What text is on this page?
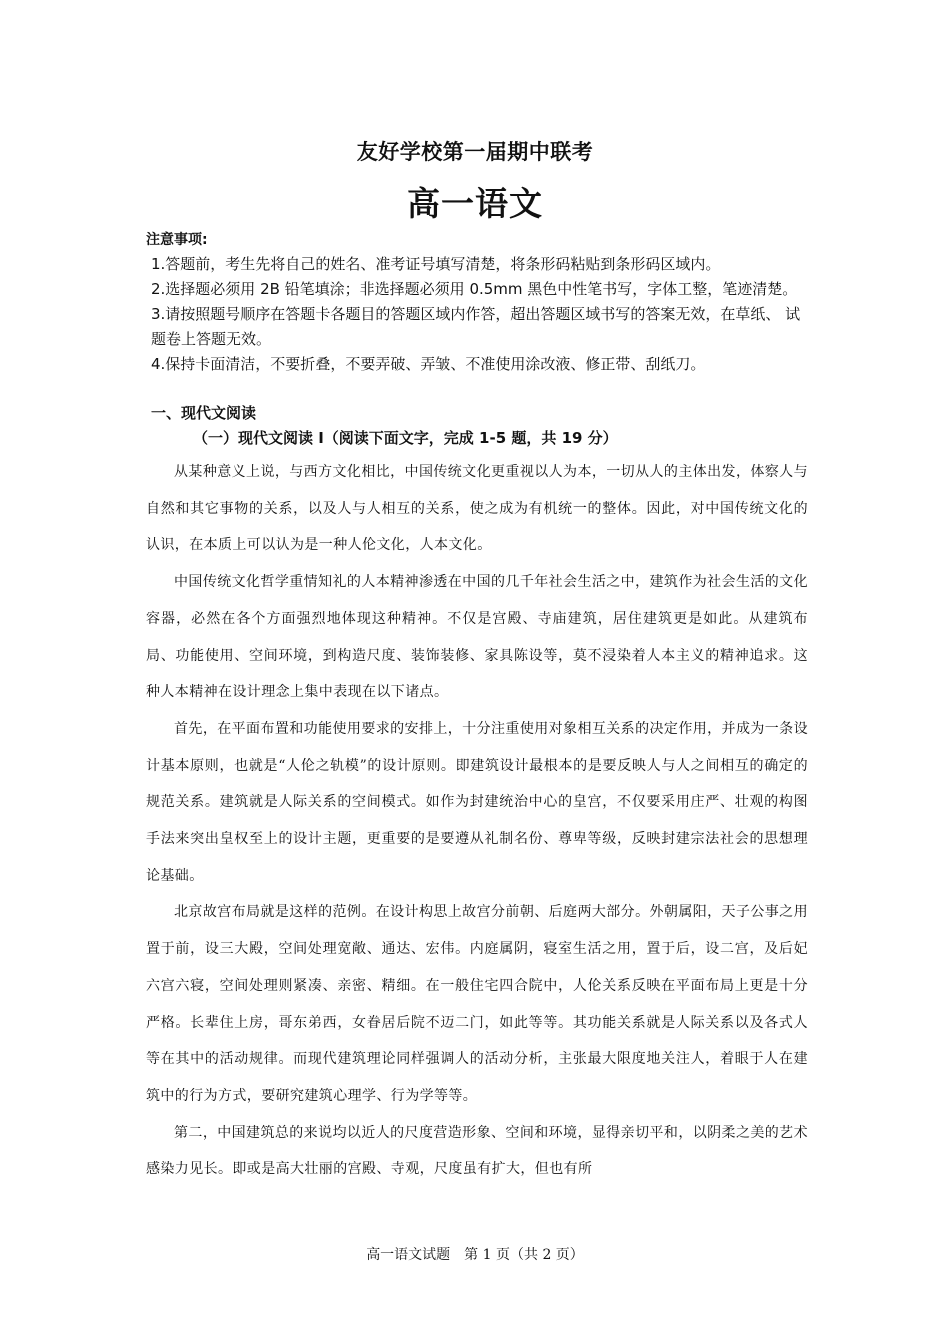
友好学校第一届期中联考
高一语文
注意事项:

1.答题前，考生先将自己的姓名、准考证号填写清楚，将条形码粘贴到条形码区域内。

2.选择题必须用 2B 铅笔填涂；非选择题必须用 0.5mm 黑色中性笔书写，字体工整，笔迹清楚。

3.请按照题号顺序在答题卡各题目的答题区域内作答，超出答题区域书写的答案无效，在草纸、 试题卷上答题无效。

4.保持卡面清洁，不要折叠，不要弄破、弄皱、不准使用涂改液、修正带、刮纸刀。

一、现代文阅读
（一）现代文阅读 I（阅读下面文字，完成 1-5 题，共 19 分）

从某种意义上说，与西方文化相比，中国传统文化更重视以人为本，一切从人的主体出发，体察人与自然和其它事物的关系，以及人与人相互的关系，使之成为有机统一的整体。因此，对中国传统文化的认识，在本质上可以认为是一种人伦文化，人本文化。

中国传统文化哲学重情知礼的人本精神渗透在中国的几千年社会生活之中，建筑作为社会生活的文化容器，必然在各个方面强烈地体现这种精神。不仅是宫殿、寺庙建筑，居住建筑更是如此。从建筑布局、功能使用、空间环境，到构造尺度、装饰装修、家具陈设等，莫不浸染着人本主义的精神追求。这种人本精神在设计理念上集中表现在以下诸点。

首先，在平面布置和功能使用要求的安排上，十分注重使用对象相互关系的决定作用，并成为一条设计基本原则，也就是“人伦之轨模”的设计原则。即建筑设计最根本的是要反映人与人之间相互的确定的规范关系。建筑就是人际关系的空间模式。如作为封建统治中心的皇宫，不仅要采用庄严、壮观的构图手法来突出皇权至上的设计主题，更重要的是要遵从礼制名份、尊卑等级，反映封建宗法社会的思想理论基础。

北京故宫布局就是这样的范例。在设计构思上故宫分前朝、后庭两大部分。外朝属阳，天子公事之用置于前，设三大殿，空间处理宽敞、通达、宏伟。内庭属阴，寝室生活之用，置于后，设二宫，及后妃六宫六寝，空间处理则紧凑、亲密、精细。在一般住宅四合院中，人伦关系反映在平面布局上更是十分严格。长辈住上房，哥东弟西，女眷居后院不迈二门，如此等等。其功能关系就是人际关系以及各式人等在其中的活动规律。而现代建筑理论同样强调人的活动分析，主张最大限度地关注人，着眼于人在建筑中的行为方式，要研究建筑心理学、行为学等等。

第二，中国建筑总的来说均以近人的尺度营造形象、空间和环境，显得亲切平和，以阴柔之美的艺术感染力见长。即或是高大壮丽的宫殿、寺观，尺度虽有扩大，但也有所

高一语文试题　第 1 页（共 2 页）
